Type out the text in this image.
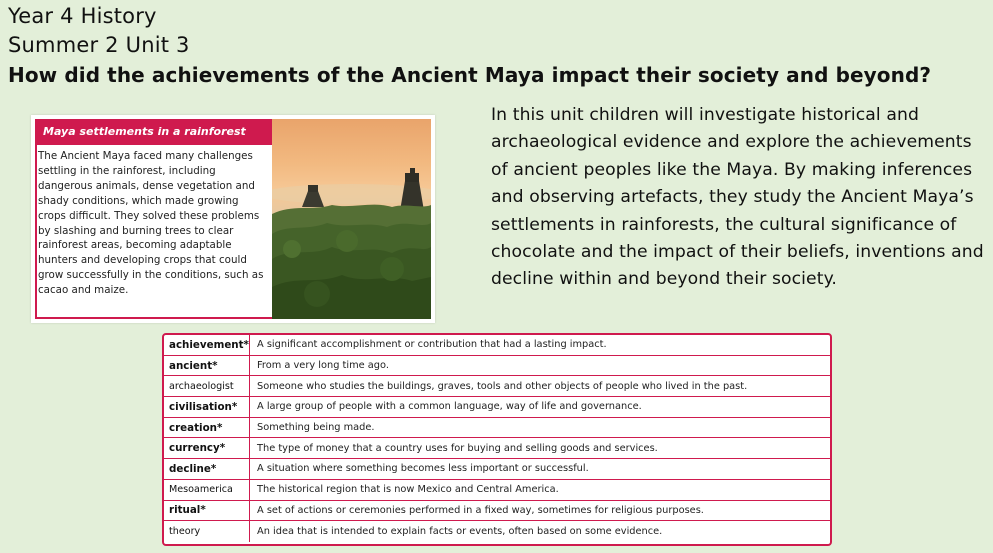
Year 4 History
Summer 2 Unit 3
How did the achievements of the Ancient Maya impact their society and beyond?
Maya settlements in a rainforest
The Ancient Maya faced many challenges settling in the rainforest, including dangerous animals, dense vegetation and shady conditions, which made growing crops difficult. They solved these problems by slashing and burning trees to clear rainforest areas, becoming adaptable hunters and developing crops that could grow successfully in the conditions, such as cacao and maize.
In this unit children will investigate historical and archaeological evidence and explore the achievements of ancient peoples like the Maya. By making inferences and observing artefacts, they study the Ancient Maya’s settlements in rainforests, the cultural significance of chocolate and the impact of their beliefs, inventions and decline within and beyond their society.
achievement* A significant accomplishment or contribution that had a lasting impact.
ancient*	From a very long time ago.
archaeologist	Someone who studies the buildings, graves, tools and other objects of people who lived in the past.
civilisation*	A large group of people with a common language, way of life and governance.
creation*	Something being made.
currency*	The type of money that a country uses for buying and selling goods and services.
decline*	A situation where something becomes less important or successful.
Mesoamerica	The historical region that is now Mexico and Central America.
ritual*	A set of actions or ceremonies performed in a fixed way, sometimes for religious purposes.
theory	An idea that is intended to explain facts or events, often based on some evidence.
